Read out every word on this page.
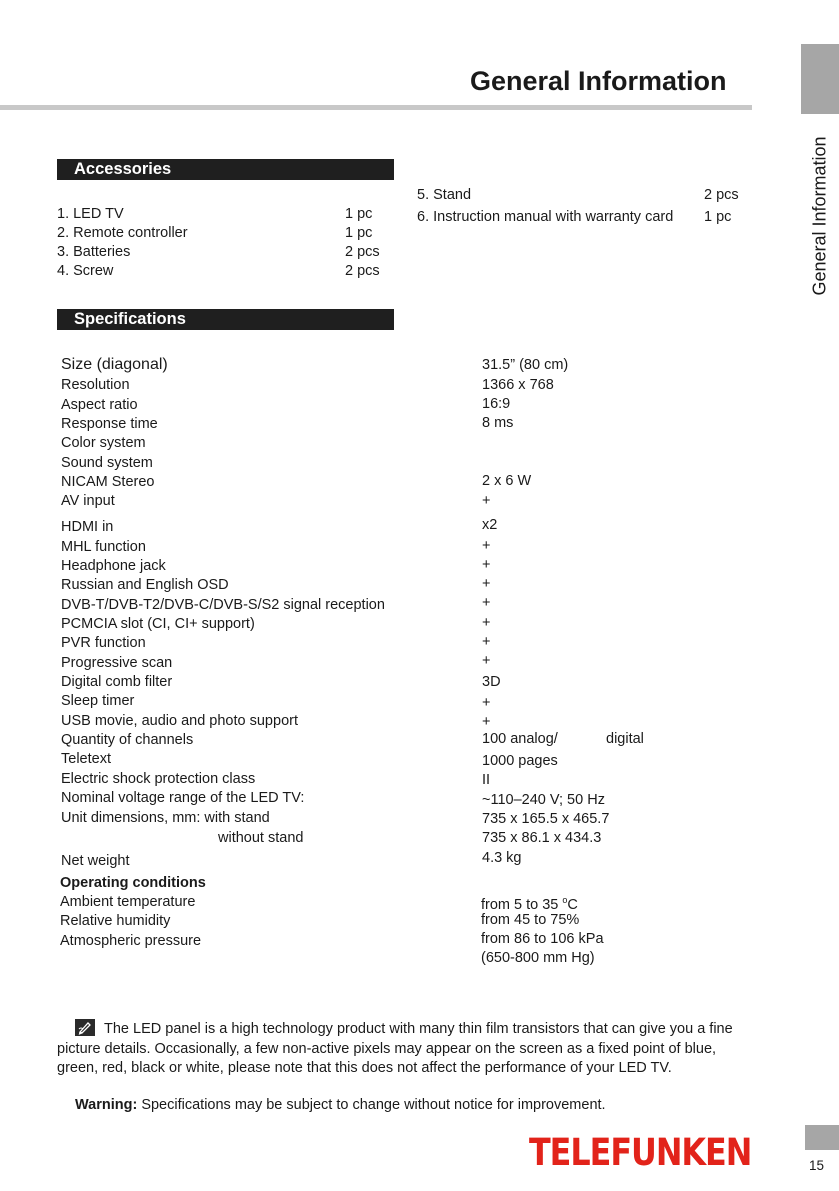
General Information
General Information
Accessories
1. LED TV	1 pc
2. Remote controller	1 pc
3. Batteries	2 pcs
4. Screw	2 pcs
5. Stand	2 pcs
6. Instruction manual with warranty card 1 pc
Specifications
Size (diagonal)	31.5” (80 cm)
Resolution	1366 x 768
Aspect ratio	16:9
Response time	8 ms
Color system
Sound system
NICAM Stereo	2 x 6 W
AV input	+
HDMI in	x2
MHL function	+
Headphone jack	+
Russian and English OSD	+
DVB-T/DVB-T2/DVB-C/DVB-S/S2 signal reception	+
PCMCIA slot (CI, CI+ support)	+
PVR function	+
Progressive scan	+
Digital comb filter	3D
Sleep timer	+
USB movie, audio and photo support	+
Quantity of channels	100 analog/	digital
Teletext	1000 pages
Electric shock protection class	II
Nominal voltage range of the LED TV:	~110–240 V; 50 Hz
Unit dimensions, mm: with stand	735 x 165.5 x 465.7
without stand	735 x 86.1 x 434.3
Net weight	4.3 kg
Operating conditions
Ambient temperature	from 5 to 35 $^o$C
Relative humidity	from 45 to 75%
Atmospheric pressure	from 86 to 106 kPa
(650-800 mm Hg)
The LED panel is a high technology product with many thin film transistors that can give you a fine picture details. Occasionally, a few non-active pixels may appear on the screen as a fixed point of blue, green, red, black or white, please note that this does not affect the performance of your LED TV.
Warning: Specifications may be subject to change without notice for improvement.
TELEFUNKEN	15
